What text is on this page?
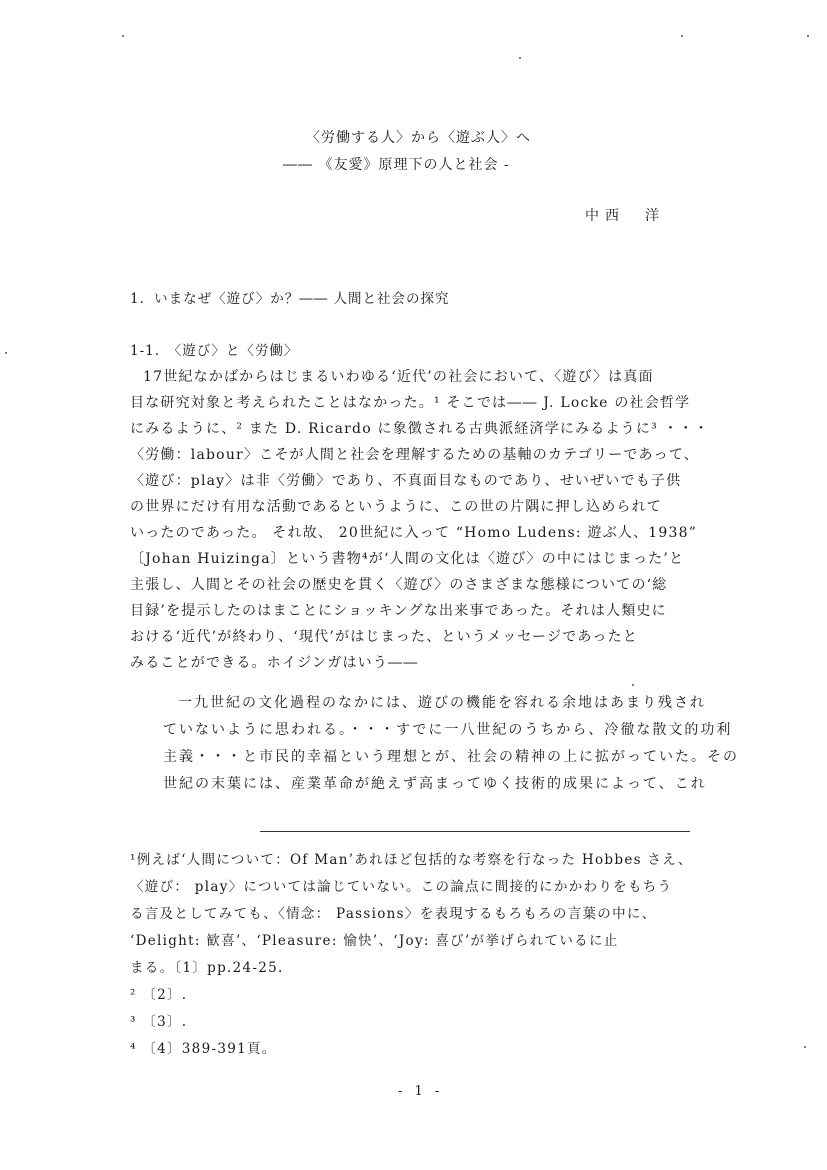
〈労働する人〉から〈遊ぶ人〉へ
―― 《友愛》原理下の人と社会 ‐
中西　洋
1．いまなぜ〈遊び〉か？―― 人間と社会の探究
1-1.　〈遊び〉と〈労働〉
17世紀なかばからはじまるいわゆる‘近代’の社会において、〈遊び〉は真面
目な研究対象と考えられたことはなかった。¹ そこでは―― J. Locke の社会哲学
にみるように、² また D. Ricardo に象徴される古典派経済学にみるように³ ・・・
〈労働：labour〉こそが人間と社会を理解するための基軸のカテゴリーであって、
〈遊び：play〉は非〈労働〉であり、不真面目なものであり、せいぜいでも子供
の世界にだけ有用な活動であるというように、この世の片隅に押し込められて
いったのであった。 それ故、 20世紀に入って “Homo Ludens: 遊ぶ人、1938”
〔Johan Huizinga〕という書物⁴が‘人間の文化は〈遊び〉の中にはじまった’と
主張し、人間とその社会の歴史を貫く〈遊び〉のさまざまな態様についての‘総
目録’を提示したのはまことにショッキングな出来事であった。それは人類史に
おける‘近代’が終わり、‘現代’がはじまった、というメッセージであったと
みることができる。ホイジンガはいう――
一九世紀の文化過程のなかには、遊びの機能を容れる余地はあまり残され
ていないように思われる。・・・すでに一八世紀のうちから、冷徹な散文的功利
主義・・・と市民的幸福という理想とが、社会の精神の上に拡がっていた。その
世紀の末葉には、産業革命が絶えず高まってゆく技術的成果によって、これ
¹例えば‘人間について：Of Man’あれほど包括的な考察を行なった Hobbes さえ、
〈遊び： play〉については論じていない。この論点に間接的にかかわりをもちう
る言及としてみても、〈情念： Passions〉を表現するもろもろの言葉の中に、
‘Delight: 歓喜’、‘Pleasure: 愉快’、‘Joy: 喜び’が挙げられているに止
まる。〔1〕pp.24-25.
² 〔2〕.
³ 〔3〕.
⁴ 〔4〕389-391頁。
- 1 -
